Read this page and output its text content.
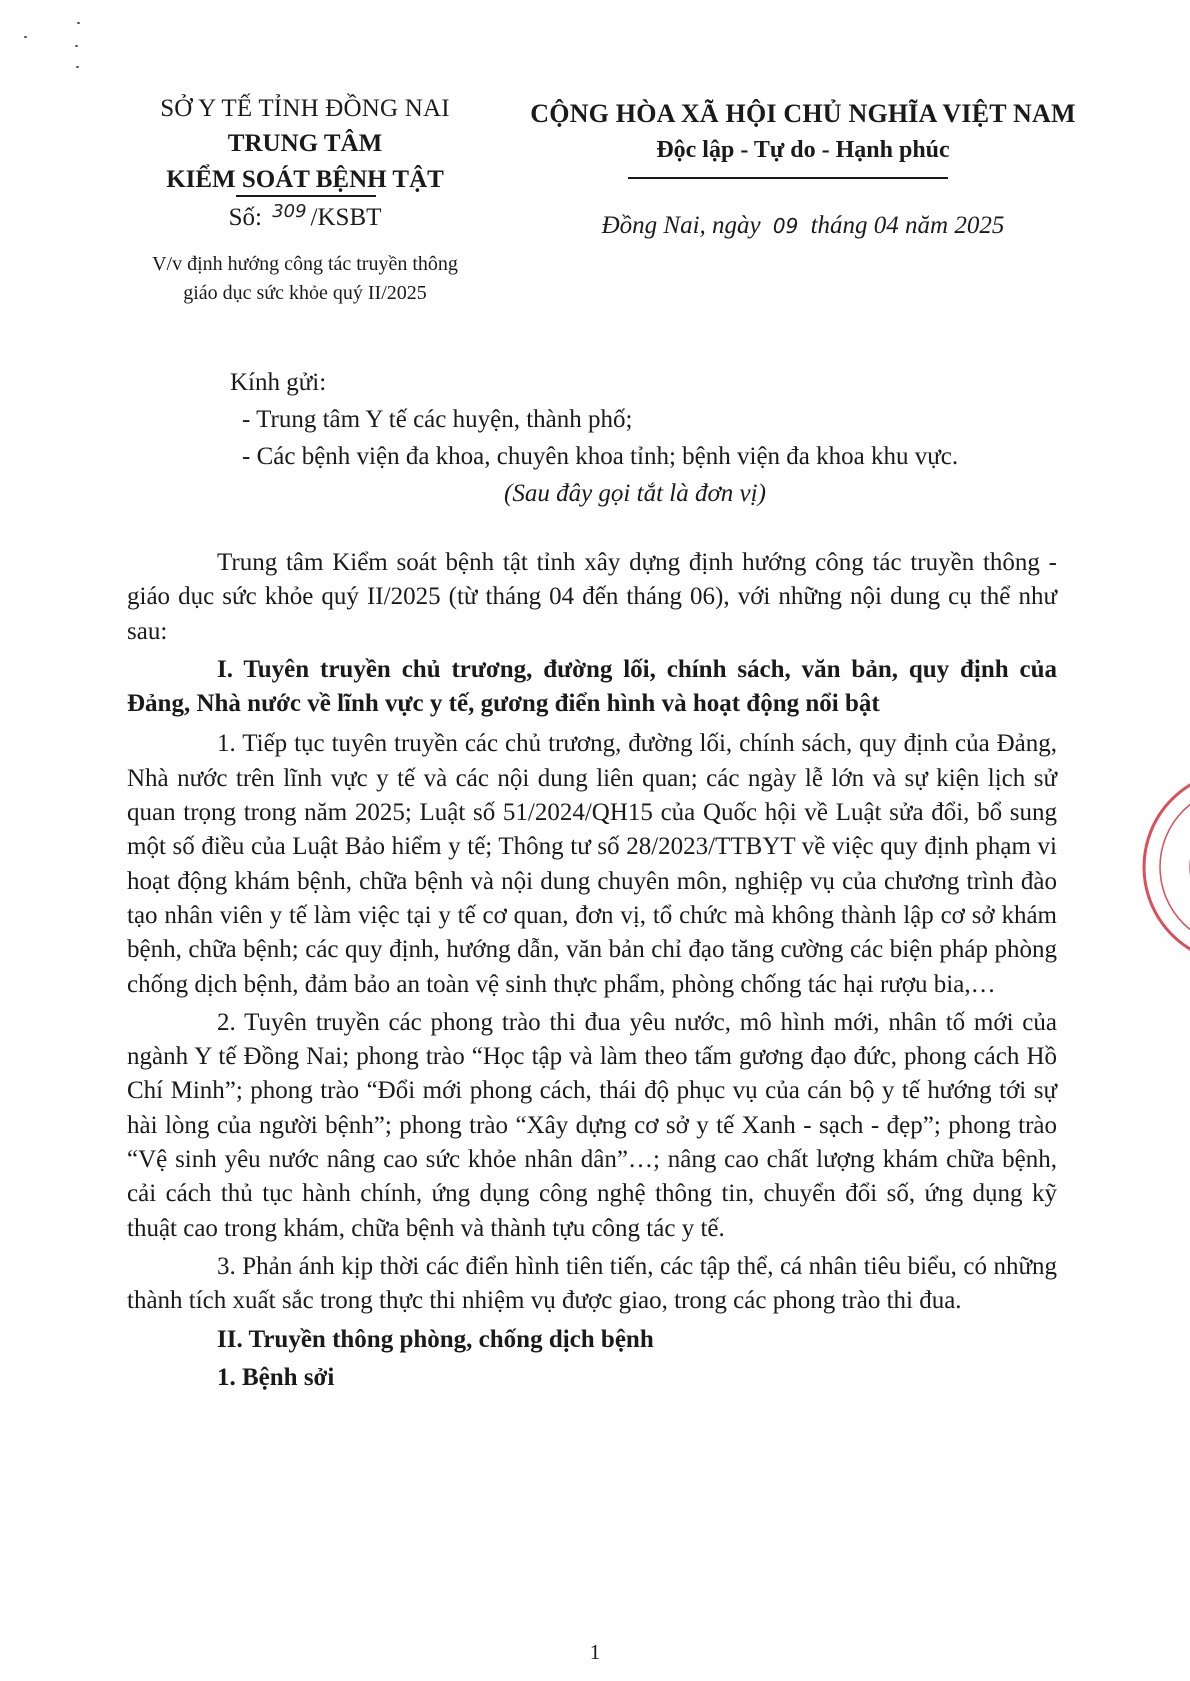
SỞ Y TẾ TỈNH ĐỒNG NAI
TRUNG TÂM
KIỂM SOÁT BỆNH TẬT
Số: $^{309}$ /KSBT
V/v định hướng công tác truyền thông
giáo dục sức khỏe quý II/2025
CỘNG HÒA XÃ HỘI CHỦ NGHĨA VIỆT NAM
Độc lập - Tự do - Hạnh phúc
Đồng Nai, ngày 09 tháng 04 năm 2025
Kính gửi:
- Trung tâm Y tế các huyện, thành phố;
- Các bệnh viện đa khoa, chuyên khoa tỉnh; bệnh viện đa khoa khu vực.
(Sau đây gọi tắt là đơn vị)

Trung tâm Kiểm soát bệnh tật tỉnh xây dựng định hướng công tác truyền thông - giáo dục sức khỏe quý II/2025 (từ tháng 04 đến tháng 06), với những nội dung cụ thể như sau:

I. Tuyên truyền chủ trương, đường lối, chính sách, văn bản, quy định của Đảng, Nhà nước về lĩnh vực y tế, gương điển hình và hoạt động nổi bật

1. Tiếp tục tuyên truyền các chủ trương, đường lối, chính sách, quy định của Đảng, Nhà nước trên lĩnh vực y tế và các nội dung liên quan; các ngày lễ lớn và sự kiện lịch sử quan trọng trong năm 2025; Luật số 51/2024/QH15 của Quốc hội về Luật sửa đổi, bổ sung một số điều của Luật Bảo hiểm y tế; Thông tư số 28/2023/TTBYT về việc quy định phạm vi hoạt động khám bệnh, chữa bệnh và nội dung chuyên môn, nghiệp vụ của chương trình đào tạo nhân viên y tế làm việc tại y tế cơ quan, đơn vị, tổ chức mà không thành lập cơ sở khám bệnh, chữa bệnh; các quy định, hướng dẫn, văn bản chỉ đạo tăng cường các biện pháp phòng chống dịch bệnh, đảm bảo an toàn vệ sinh thực phẩm, phòng chống tác hại rượu bia,…

2. Tuyên truyền các phong trào thi đua yêu nước, mô hình mới, nhân tố mới của ngành Y tế Đồng Nai; phong trào “Học tập và làm theo tấm gương đạo đức, phong cách Hồ Chí Minh”; phong trào “Đổi mới phong cách, thái độ phục vụ của cán bộ y tế hướng tới sự hài lòng của người bệnh”; phong trào “Xây dựng cơ sở y tế Xanh - sạch - đẹp”; phong trào “Vệ sinh yêu nước nâng cao sức khỏe nhân dân”…; nâng cao chất lượng khám chữa bệnh, cải cách thủ tục hành chính, ứng dụng công nghệ thông tin, chuyển đổi số, ứng dụng kỹ thuật cao trong khám, chữa bệnh và thành tựu công tác y tế.

3. Phản ánh kịp thời các điển hình tiên tiến, các tập thể, cá nhân tiêu biểu, có những thành tích xuất sắc trong thực thi nhiệm vụ được giao, trong các phong trào thi đua.

II. Truyền thông phòng, chống dịch bệnh

1. Bệnh sởi

1
